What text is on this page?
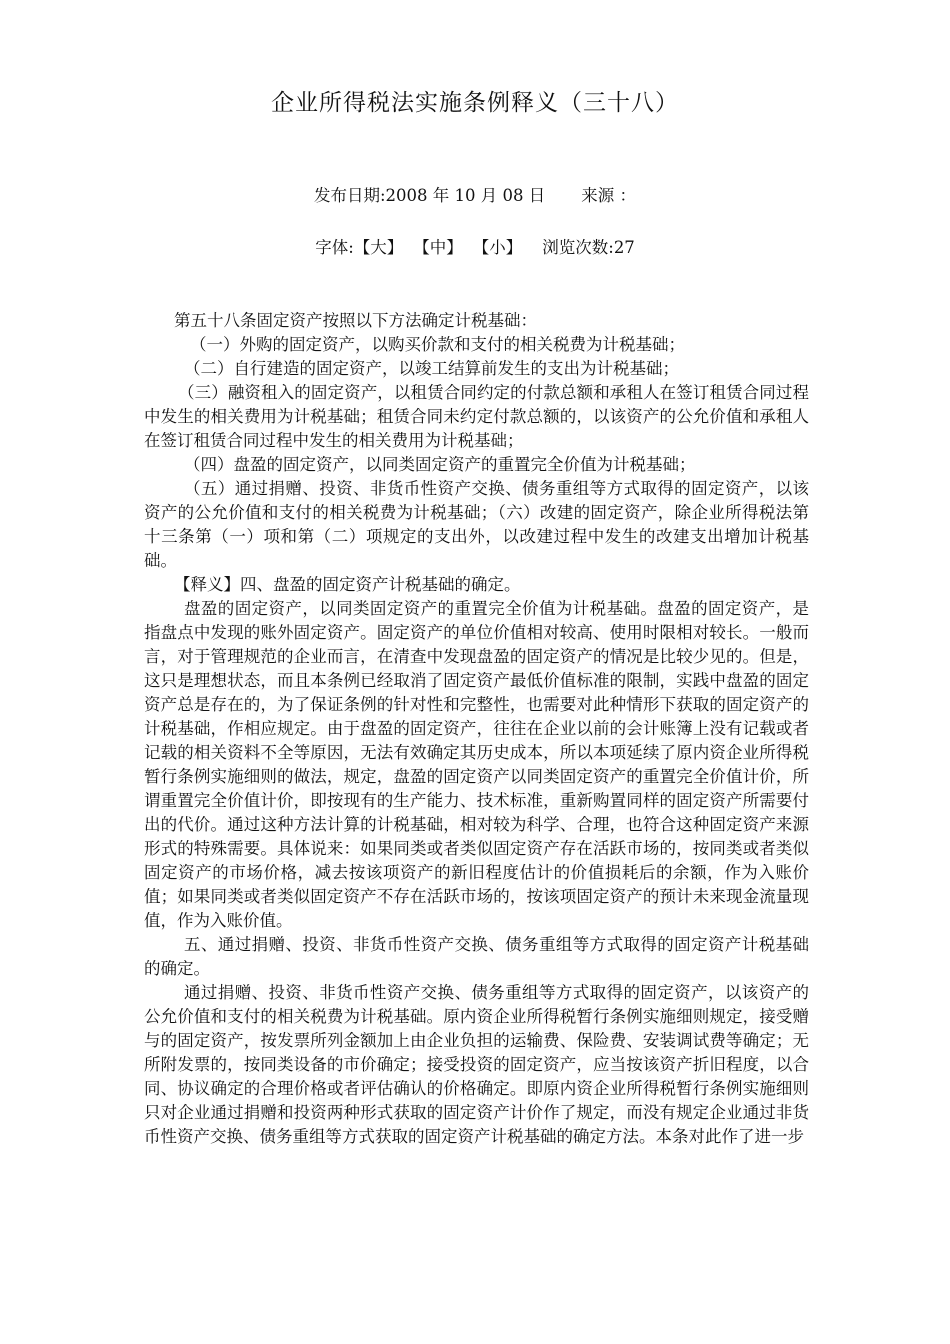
企业所得税法实施条例释义（三十八）
发布日期:2008 年 10 月 08 日 来源 ：
字体:【大】 【中】 【小】 浏览次数:27

第五十八条固定资产按照以下方法确定计税基础：

（一）外购的固定资产，以购买价款和支付的相关税费为计税基础；

（二）自行建造的固定资产，以竣工结算前发生的支出为计税基础；

（三）融资租入的固定资产，以租赁合同约定的付款总额和承租人在签订租赁合同过程中发生的相关费用为计税基础；租赁合同未约定付款总额的，以该资产的公允价值和承租人在签订租赁合同过程中发生的相关费用为计税基础；

（四）盘盈的固定资产，以同类固定资产的重置完全价值为计税基础；

（五）通过捐赠、投资、非货币性资产交换、债务重组等方式取得的固定资产，以该资产的公允价值和支付的相关税费为计税基础；（六）改建的固定资产，除企业所得税法第十三条第（一）项和第（二）项规定的支出外，以改建过程中发生的改建支出增加计税基础。

【释义】四、盘盈的固定资产计税基础的确定。

盘盈的固定资产，以同类固定资产的重置完全价值为计税基础。盘盈的固定资产，是指盘点中发现的账外固定资产。固定资产的单位价值相对较高、使用时限相对较长。一般而言，对于管理规范的企业而言，在清查中发现盘盈的固定资产的情况是比较少见的。但是，这只是理想状态，而且本条例已经取消了固定资产最低价值标准的限制，实践中盘盈的固定资产总是存在的，为了保证条例的针对性和完整性，也需要对此种情形下获取的固定资产的计税基础，作相应规定。由于盘盈的固定资产，往往在企业以前的会计账簿上没有记载或者记载的相关资料不全等原因，无法有效确定其历史成本，所以本项延续了原内资企业所得税暂行条例实施细则的做法，规定，盘盈的固定资产以同类固定资产的重置完全价值计价，所谓重置完全价值计价，即按现有的生产能力、技术标准，重新购置同样的固定资产所需要付出的代价。通过这种方法计算的计税基础，相对较为科学、合理，也符合这种固定资产来源形式的特殊需要。具体说来：如果同类或者类似固定资产存在活跃市场的，按同类或者类似固定资产的市场价格，减去按该项资产的新旧程度估计的价值损耗后的余额，作为入账价值；如果同类或者类似固定资产不存在活跃市场的，按该项固定资产的预计未来现金流量现值，作为入账价值。

五、通过捐赠、投资、非货币性资产交换、债务重组等方式取得的固定资产计税基础的确定。

通过捐赠、投资、非货币性资产交换、债务重组等方式取得的固定资产，以该资产的公允价值和支付的相关税费为计税基础。原内资企业所得税暂行条例实施细则规定，接受赠与的固定资产，按发票所列金额加上由企业负担的运输费、保险费、安装调试费等确定；无所附发票的，按同类设备的市价确定；接受投资的固定资产，应当按该资产折旧程度，以合同、协议确定的合理价格或者评估确认的价格确定。即原内资企业所得税暂行条例实施细则只对企业通过捐赠和投资两种形式获取的固定资产计价作了规定，而没有规定企业通过非货币性资产交换、债务重组等方式获取的固定资产计税基础的确定方法。本条对此作了进一步
